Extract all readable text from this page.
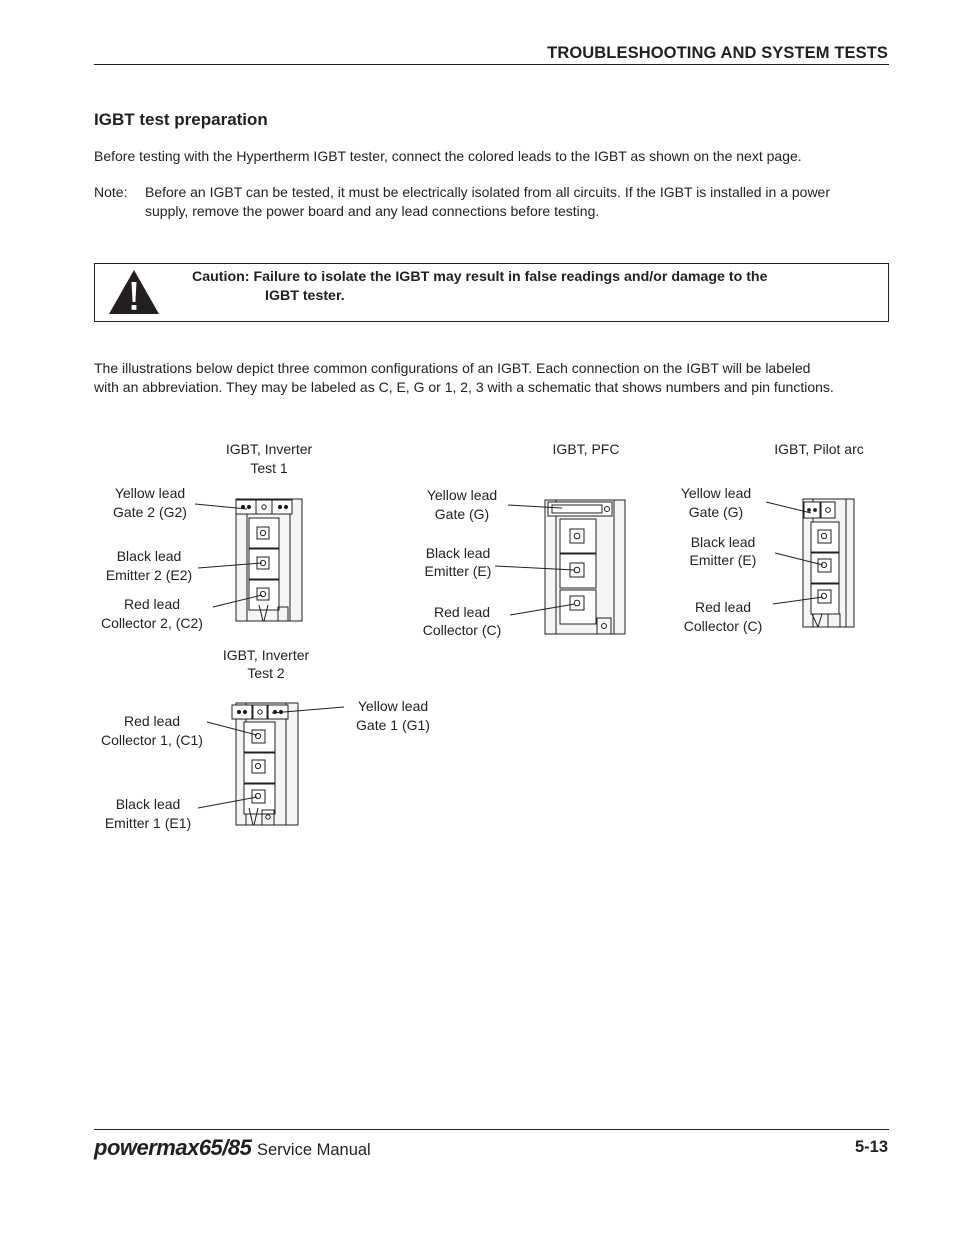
TROUBLESHOOTING AND SYSTEM TESTS
IGBT test preparation
Before testing with the Hypertherm IGBT tester, connect the colored leads to the IGBT as shown on the next page.
Note: Before an IGBT can be tested, it must be electrically isolated from all circuits. If the IGBT is installed in a power
supply, remove the power board and any lead connections before testing.
Caution: Failure to isolate the IGBT may result in false readings and/or damage to the
IGBT tester.
The illustrations below depict three common configurations of an IGBT. Each connection on the IGBT will be labeled
with an abbreviation. They may be labeled as C, E, G or 1, 2, 3 with a schematic that shows numbers and pin functions.
IGBT, Inverter
Test 1
Yellow lead
Gate 2 (G2)
Black lead
Emitter 2 (E2)
Red lead
Collector 2, (C2)
IGBT, PFC
Yellow lead
Gate (G)
Black lead
Emitter (E)
Red lead
Collector (C)
IGBT, Pilot arc
Yellow lead
Gate (G)
Black lead
Emitter (E)
Red lead
Collector (C)
IGBT, Inverter
Test 2
Red lead
Collector 1, (C1)
Yellow lead
Gate 1 (G1)
Black lead
Emitter 1 (E1)
powermax65/85 Service Manual	5-13
